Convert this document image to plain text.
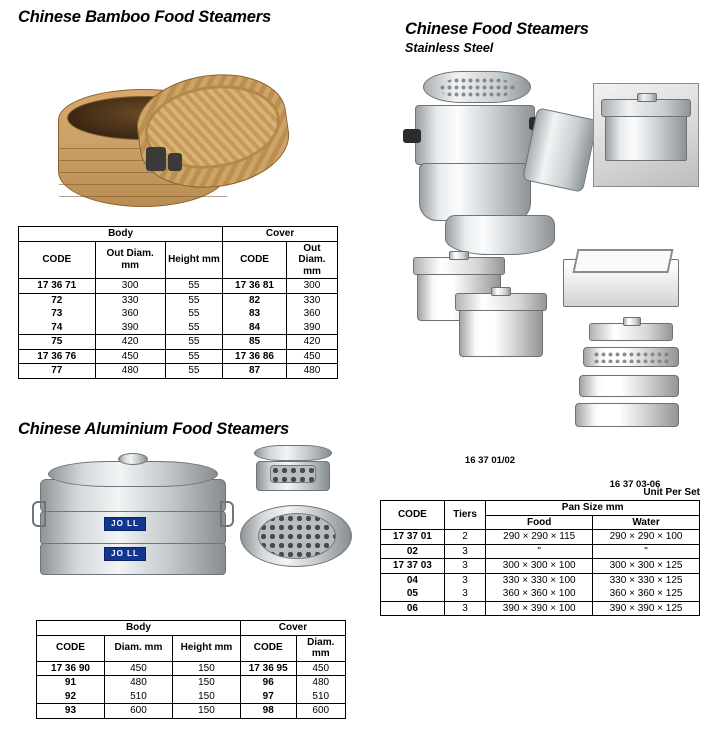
Chinese Bamboo Food Steamers
Body			Cover	
CODE	Out Diam. mm	Height mm	CODE	Out Diam. mm
17 36 71	300	55	17 36 81	300
72	330	55	82	330
73	360	55	83	360
74	390	55	84	390
75	420	55	85	420
17 36 76	450	55	17 36 86	450
77	480	55	87	480
Chinese Aluminium Food Steamers
JO LL
JO LL
Body			Cover	
CODE	Diam. mm	Height mm	CODE	Diam. mm
17 36 90	450	150	17 36 95	450
91	480	150	96	480
92	510	150	97	510
93	600	150	98	600
Chinese Food Steamers
Stainless Steel
16 37 01/02
16 37 03-06
Unit Per Set
CODE	Tiers	Pan Size mm	
		Food	Water
17 37 01	2	290 × 290 × 115	290 × 290 × 100
02	3	"	"
17 37 03	3	300 × 300 × 100	300 × 300 × 125
04	3	330 × 330 × 100	330 × 330 × 125
05	3	360 × 360 × 100	360 × 360 × 125
06	3	390 × 390 × 100	390 × 390 × 125
